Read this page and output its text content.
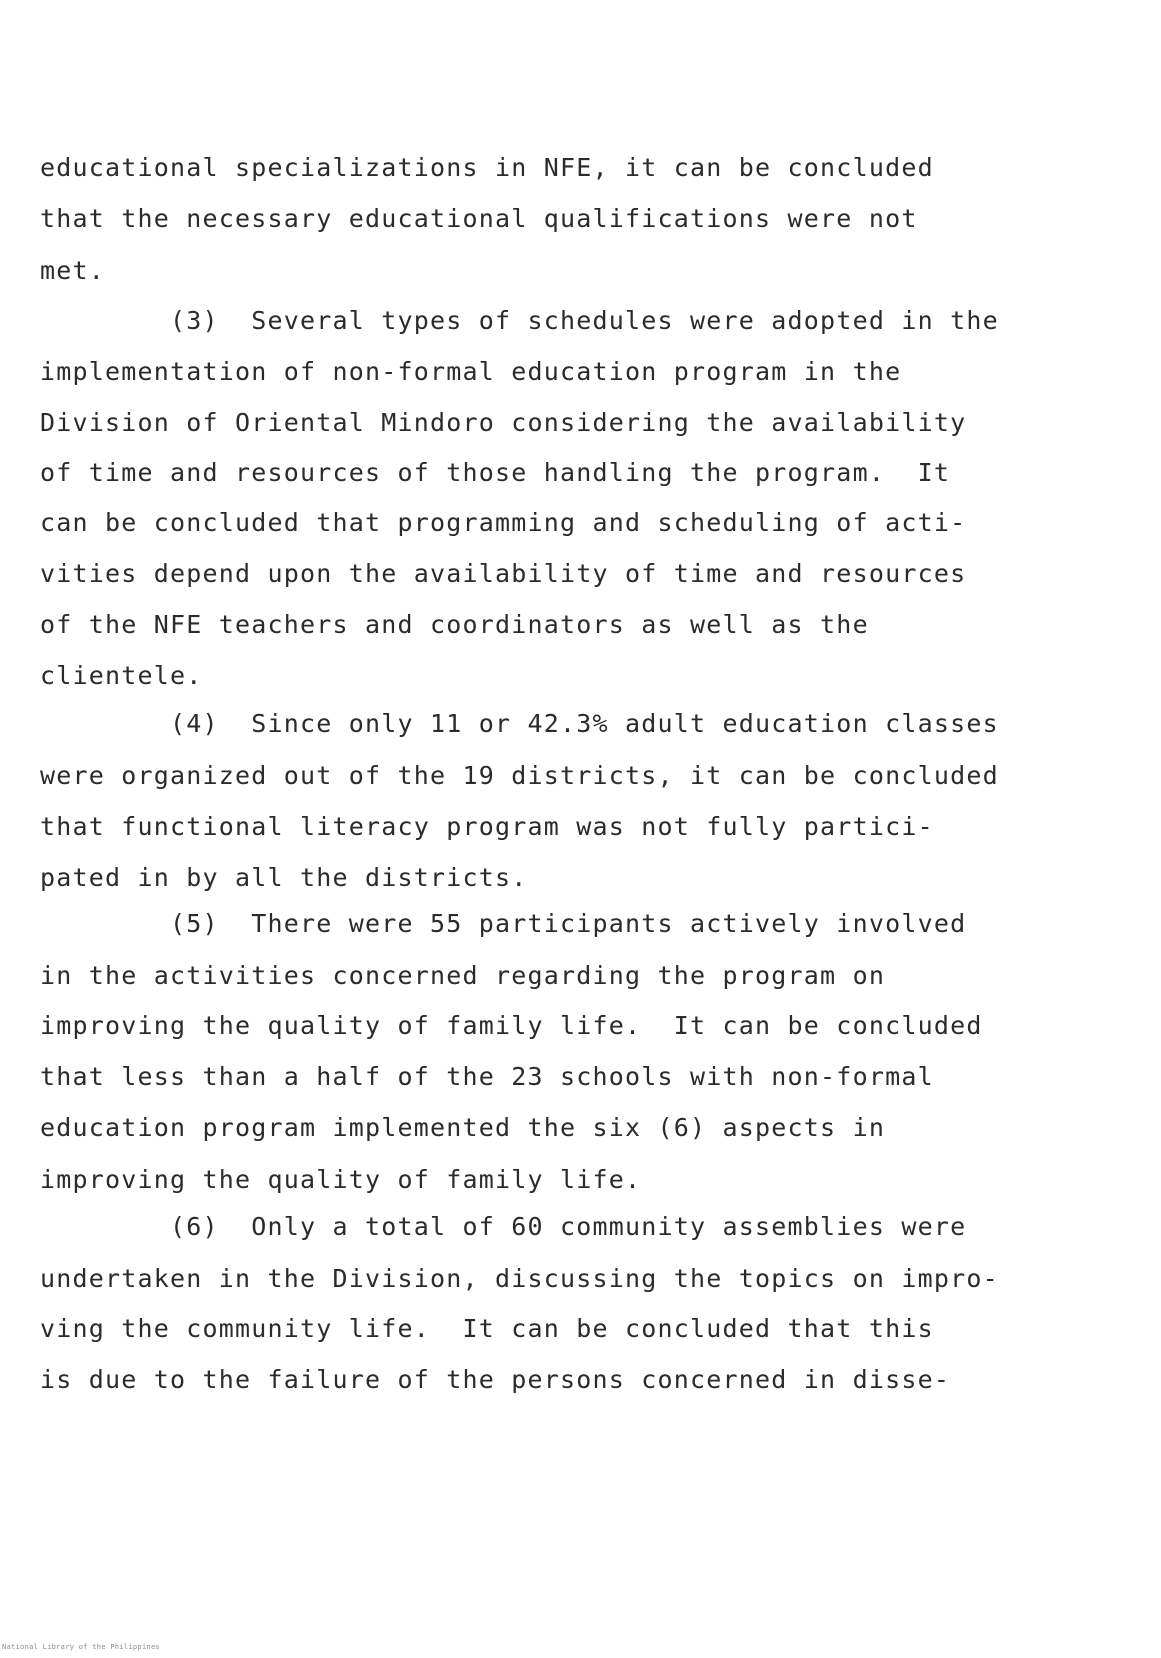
educational specializations in NFE, it can be concluded
that the necessary educational qualifications were not
met.
(3)  Several types of schedules were adopted in the
implementation of non-formal education program in the
Division of Oriental Mindoro considering the availability
of time and resources of those handling the program.  It
can be concluded that programming and scheduling of acti-
vities depend upon the availability of time and resources
of the NFE teachers and coordinators as well as the
clientele.
(4)  Since only 11 or 42.3% adult education classes
were organized out of the 19 districts, it can be concluded
that functional literacy program was not fully partici-
pated in by all the districts.
(5)  There were 55 participants actively involved
in the activities concerned regarding the program on
improving the quality of family life.  It can be concluded
that less than a half of the 23 schools with non-formal
education program implemented the six (6) aspects in
improving the quality of family life.
(6)  Only a total of 60 community assemblies were
undertaken in the Division, discussing the topics on impro-
ving the community life.  It can be concluded that this
is due to the failure of the persons concerned in disse-
National Library of the Philippines
